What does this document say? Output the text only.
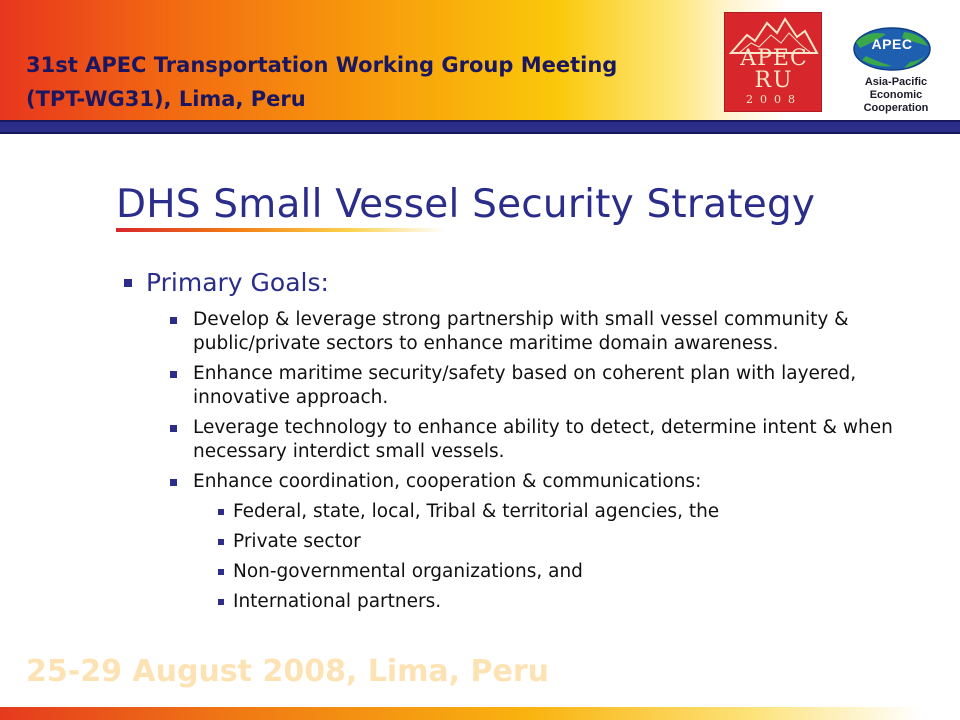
31st APEC Transportation Working Group Meeting
(TPT-WG31), Lima, Peru
APEC
RU
2008
APEC
Asia-Pacific
Economic Cooperation
DHS Small Vessel Security Strategy
Primary Goals:
Develop & leverage strong partnership with small vessel community & public/private sectors to enhance maritime domain awareness.
Enhance maritime security/safety based on coherent plan with layered, innovative approach.
Leverage technology to enhance ability to detect, determine intent & when necessary interdict small vessels.
Enhance coordination, cooperation & communications:
Federal, state, local, Tribal & territorial agencies, the
Private sector
Non-governmental organizations, and
International partners.
25-29 August 2008, Lima, Peru
